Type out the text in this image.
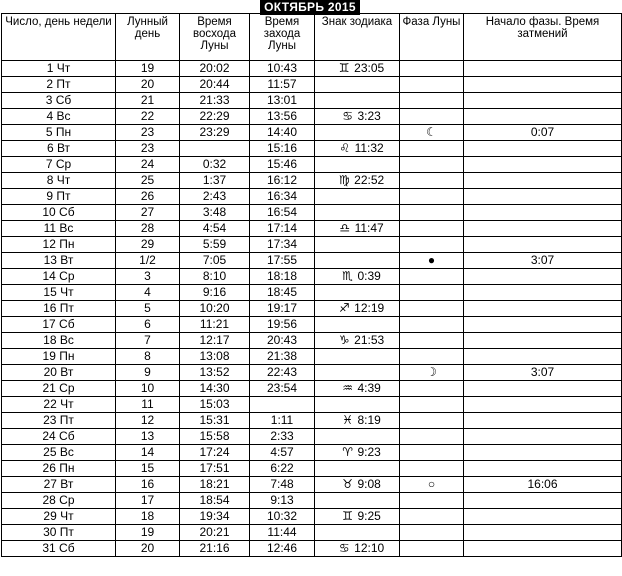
ОКТЯБРЬ 2015
Число, день недели	Лунный день	Время восхода Луны	Время захода Луны	Знак зодиака	Фаза Луны	Начало фазы. Время затмений
1 Чт	19	20:02	10:43	♊ 23:05		
2 Пт	20	20:44	11:57			
3 Сб	21	21:33	13:01			
4 Вс	22	22:29	13:56	♋ 3:23		
5 Пн	23	23:29	14:40		☾	0:07
6 Вт	23		15:16	♌ 11:32		
7 Ср	24	0:32	15:46			
8 Чт	25	1:37	16:12	♍ 22:52		
9 Пт	26	2:43	16:34			
10 Сб	27	3:48	16:54			
11 Вс	28	4:54	17:14	♎ 11:47		
12 Пн	29	5:59	17:34			
13 Вт	1/2	7:05	17:55		●	3:07
14 Ср	3	8:10	18:18	♏ 0:39		
15 Чт	4	9:16	18:45			
16 Пт	5	10:20	19:17	♐ 12:19		
17 Сб	6	11:21	19:56			
18 Вс	7	12:17	20:43	♑ 21:53		
19 Пн	8	13:08	21:38			
20 Вт	9	13:52	22:43		☽	3:07
21 Ср	10	14:30	23:54	♒ 4:39		
22 Чт	11	15:03				
23 Пт	12	15:31	1:11	♓ 8:19		
24 Сб	13	15:58	2:33			
25 Вс	14	17:24	4:57	♈ 9:23		
26 Пн	15	17:51	6:22			
27 Вт	16	18:21	7:48	♉ 9:08	○	16:06
28 Ср	17	18:54	9:13			
29 Чт	18	19:34	10:32	♊ 9:25		
30 Пт	19	20:21	11:44			
31 Сб	20	21:16	12:46	♋ 12:10		
